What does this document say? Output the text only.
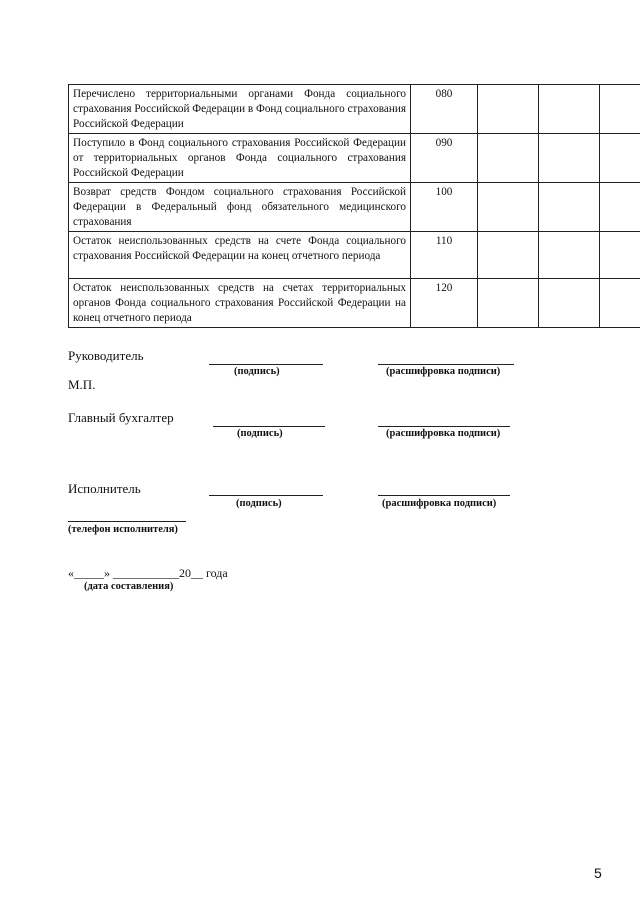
Перечислено территориальными органами Фонда социального страхования Российской Федерации в Фонд социального страхования Российской Федерации	080			

Поступило в Фонд социального страхования Российской Федерации от территориальных органов Фонда социального страхования Российской Федерации	090			

Возврат средств Фондом социального страхования Российской Федерации в Федеральный фонд обязательного медицинского страхования	100			

Остаток неиспользованных средств на счете Фонда социального страхования Российской Федерации на конец отчетного периода	110			

Остаток неиспользованных средств на счетах территориальных органов Фонда социального страхования Российской Федерации на конец отчетного периода	120			

Руководитель
(подпись)	(расшифровка подписи)
М.П.
Главный бухгалтер
(подпись)	(расшифровка подписи)
Исполнитель
(подпись)	(расшифровка подписи)
(телефон исполнителя)
«_____» ___________20__ года
(дата составления)
5
